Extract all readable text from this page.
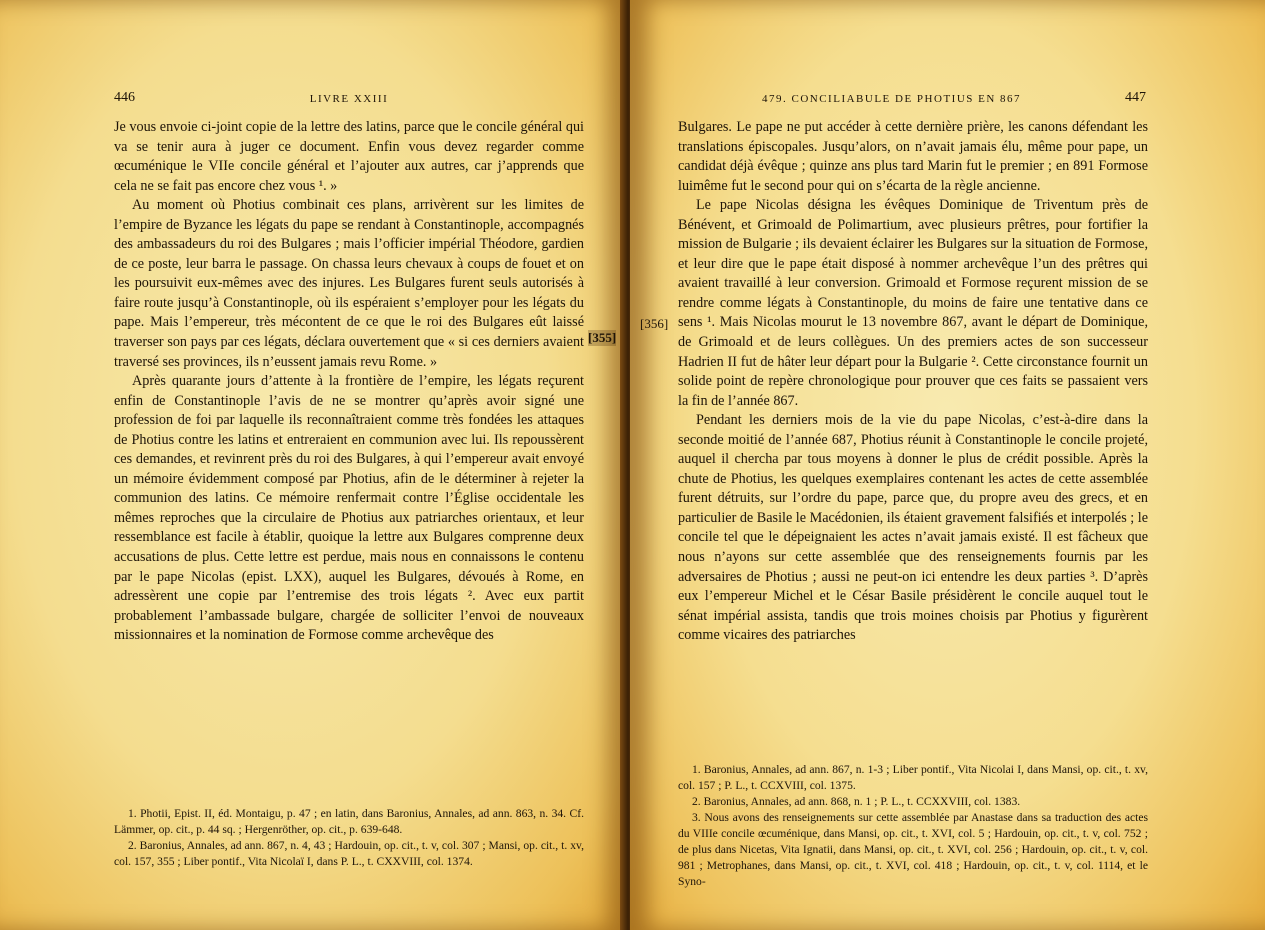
446	LIVRE XXIII

Je vous envoie ci-joint copie de la lettre des latins, parce que le concile général qui va se tenir aura à juger ce document. Enfin vous devez regarder comme œcuménique le VIIe concile général et l’ajouter aux autres, car j’apprends que cela ne se fait pas encore chez vous ¹. »

Au moment où Photius combinait ces plans, arrivèrent sur les limites de l’empire de Byzance les légats du pape se rendant à Constantinople, accompagnés des ambassadeurs du roi des Bulgares ; mais l’officier impérial Théodore, gardien de ce poste, leur barra le passage. On chassa leurs chevaux à coups de fouet et on les poursuivit eux-mêmes avec des injures. Les Bulgares furent seuls autorisés à faire route jusqu’à Constantinople, où ils espéraient s’employer pour les légats du pape. Mais l’empereur, très mécontent de ce que le roi des Bulgares eût laissé traverser son pays par ces légats, déclara ouvertement que « si ces derniers avaient traversé ses provinces, ils n’eussent jamais revu Rome. »

Après quarante jours d’attente à la frontière de l’empire, les légats reçurent enfin de Constantinople l’avis de ne se montrer qu’après avoir signé une profession de foi par laquelle ils reconnaîtraient comme très fondées les attaques de Photius contre les latins et entreraient en communion avec lui. Ils repoussèrent ces demandes, et revinrent près du roi des Bulgares, à qui l’empereur avait envoyé un mémoire évidemment composé par Photius, afin de le déterminer à rejeter la communion des latins. Ce mémoire renfermait contre l’Église occidentale les mêmes reproches que la circulaire de Photius aux patriarches orientaux, et leur ressemblance est facile à établir, quoique la lettre aux Bulgares comprenne deux accusations de plus. Cette lettre est perdue, mais nous en connaissons le contenu par le pape Nicolas (epist. LXX), auquel les Bulgares, dévoués à Rome, en adressèrent une copie par l’entremise des trois légats ². Avec eux partit probablement l’ambassade bulgare, chargée de solliciter l’envoi de nouveaux missionnaires et la nomination de Formose comme archevêque des

1. Photii, Epist. II, éd. Montaigu, p. 47 ; en latin, dans Baronius, Annales, ad ann. 863, n. 34. Cf. Lämmer, op. cit., p. 44 sq. ; Hergenröther, op. cit., p. 639-648.

2. Baronius, Annales, ad ann. 867, n. 4, 43 ; Hardouin, op. cit., t. v, col. 307 ; Mansi, op. cit., t. xv, col. 157, 355 ; Liber pontif., Vita Nicolaï I, dans P. L., t. CXXVIII, col. 1374.

[355]
479. CONCILIABULE DE PHOTIUS EN 867	447
[356]

Bulgares. Le pape ne put accéder à cette dernière prière, les canons défendant les translations épiscopales. Jusqu’alors, on n’avait jamais élu, même pour pape, un candidat déjà évêque ; quinze ans plus tard Marin fut le premier ; en 891 Formose luimême fut le second pour qui on s’écarta de la règle ancienne.

Le pape Nicolas désigna les évêques Dominique de Triventum près de Bénévent, et Grimoald de Polimartium, avec plusieurs prêtres, pour fortifier la mission de Bulgarie ; ils devaient éclairer les Bulgares sur la situation de Formose, et leur dire que le pape était disposé à nommer archevêque l’un des prêtres qui avaient travaillé à leur conversion. Grimoald et Formose reçurent mission de se rendre comme légats à Constantinople, du moins de faire une tentative dans ce sens ¹. Mais Nicolas mourut le 13 novembre 867, avant le départ de Dominique, de Grimoald et de leurs collègues. Un des premiers actes de son successeur Hadrien II fut de hâter leur départ pour la Bulgarie ². Cette circonstance fournit un solide point de repère chronologique pour prouver que ces faits se passaient vers la fin de l’année 867.

Pendant les derniers mois de la vie du pape Nicolas, c’est-à-dire dans la seconde moitié de l’année 687, Photius réunit à Constantinople le concile projeté, auquel il chercha par tous moyens à donner le plus de crédit possible. Après la chute de Photius, les quelques exemplaires contenant les actes de cette assemblée furent détruits, sur l’ordre du pape, parce que, du propre aveu des grecs, et en particulier de Basile le Macédonien, ils étaient gravement falsifiés et interpolés ; le concile tel que le dépeignaient les actes n’avait jamais existé. Il est fâcheux que nous n’ayons sur cette assemblée que des renseignements fournis par les adversaires de Photius ; aussi ne peut-on ici entendre les deux parties ³. D’après eux l’empereur Michel et le César Basile présidèrent le concile auquel tout le sénat impérial assista, tandis que trois moines choisis par Photius y figurèrent comme vicaires des patriarches

1. Baronius, Annales, ad ann. 867, n. 1-3 ; Liber pontif., Vita Nicolai I, dans Mansi, op. cit., t. xv, col. 157 ; P. L., t. CCXVIII, col. 1375.

2. Baronius, Annales, ad ann. 868, n. 1 ; P. L., t. CCXXVIII, col. 1383.

3. Nous avons des renseignements sur cette assemblée par Anastase dans sa traduction des actes du VIIIe concile œcuménique, dans Mansi, op. cit., t. XVI, col. 5 ; Hardouin, op. cit., t. v, col. 752 ; de plus dans Nicetas, Vita Ignatii, dans Mansi, op. cit., t. XVI, col. 256 ; Hardouin, op. cit., t. v, col. 981 ; Metrophanes, dans Mansi, op. cit., t. XVI, col. 418 ; Hardouin, op. cit., t. v, col. 1114, et le Syno-
